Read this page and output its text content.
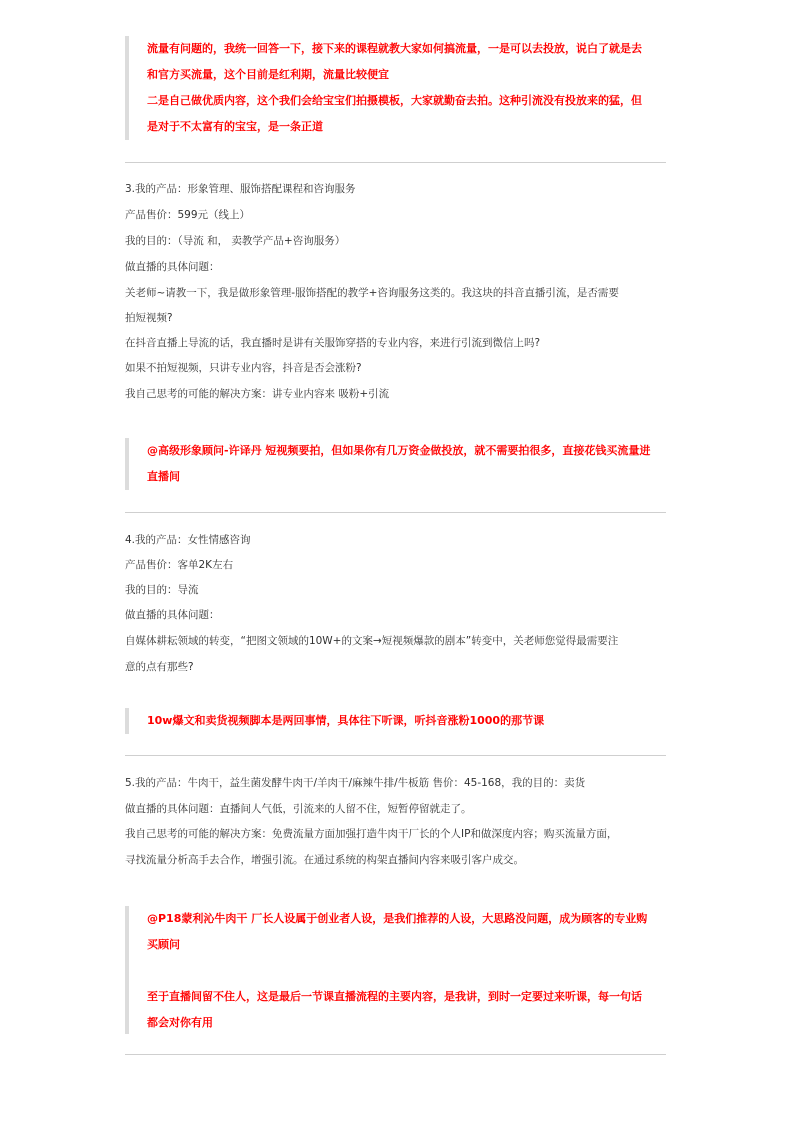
流量有问题的，我统一回答一下，接下来的课程就教大家如何搞流量，一是可以去投放，说白了就是去
和官方买流量，这个目前是红利期，流量比较便宜
二是自己做优质内容，这个我们会给宝宝们拍摄模板，大家就勤奋去拍。这种引流没有投放来的猛，但
是对于不太富有的宝宝，是一条正道
3.我的产品：形象管理、服饰搭配课程和咨询服务
产品售价：599元（线上）
我的目的：（导流 和， 卖教学产品+咨询服务）
做直播的具体问题：
关老师~请教一下，我是做形象管理-服饰搭配的教学+咨询服务这类的。我这块的抖音直播引流，是否需要
拍短视频?
在抖音直播上导流的话，我直播时是讲有关服饰穿搭的专业内容，来进行引流到微信上吗?
如果不拍短视频，只讲专业内容，抖音是否会涨粉?
我自己思考的可能的解决方案：讲专业内容来 吸粉+引流
@高级形象顾问-许译丹 短视频要拍，但如果你有几万资金做投放，就不需要拍很多，直接花钱买流量进
直播间
4.我的产品：女性情感咨询
产品售价：客单2K左右
我的目的：导流
做直播的具体问题：
自媒体耕耘领域的转变，“把图文领域的10W+的文案→短视频爆款的剧本”转变中，关老师您觉得最需要注
意的点有那些?
10w爆文和卖货视频脚本是两回事情，具体往下听课，听抖音涨粉1000的那节课
5.我的产品：牛肉干，益生菌发酵牛肉干/羊肉干/麻辣牛排/牛板筋 售价：45-168，我的目的：卖货
做直播的具体问题：直播间人气低，引流来的人留不住，短暂停留就走了。
我自己思考的可能的解决方案：免费流量方面加强打造牛肉干厂长的个人IP和做深度内容；购买流量方面，
寻找流量分析高手去合作，增强引流。在通过系统的构架直播间内容来吸引客户成交。
@P18蒙利沁牛肉干 厂长人设属于创业者人设，是我们推荐的人设，大思路没问题，成为顾客的专业购
买顾问
至于直播间留不住人，这是最后一节课直播流程的主要内容，是我讲，到时一定要过来听课，每一句话
都会对你有用
